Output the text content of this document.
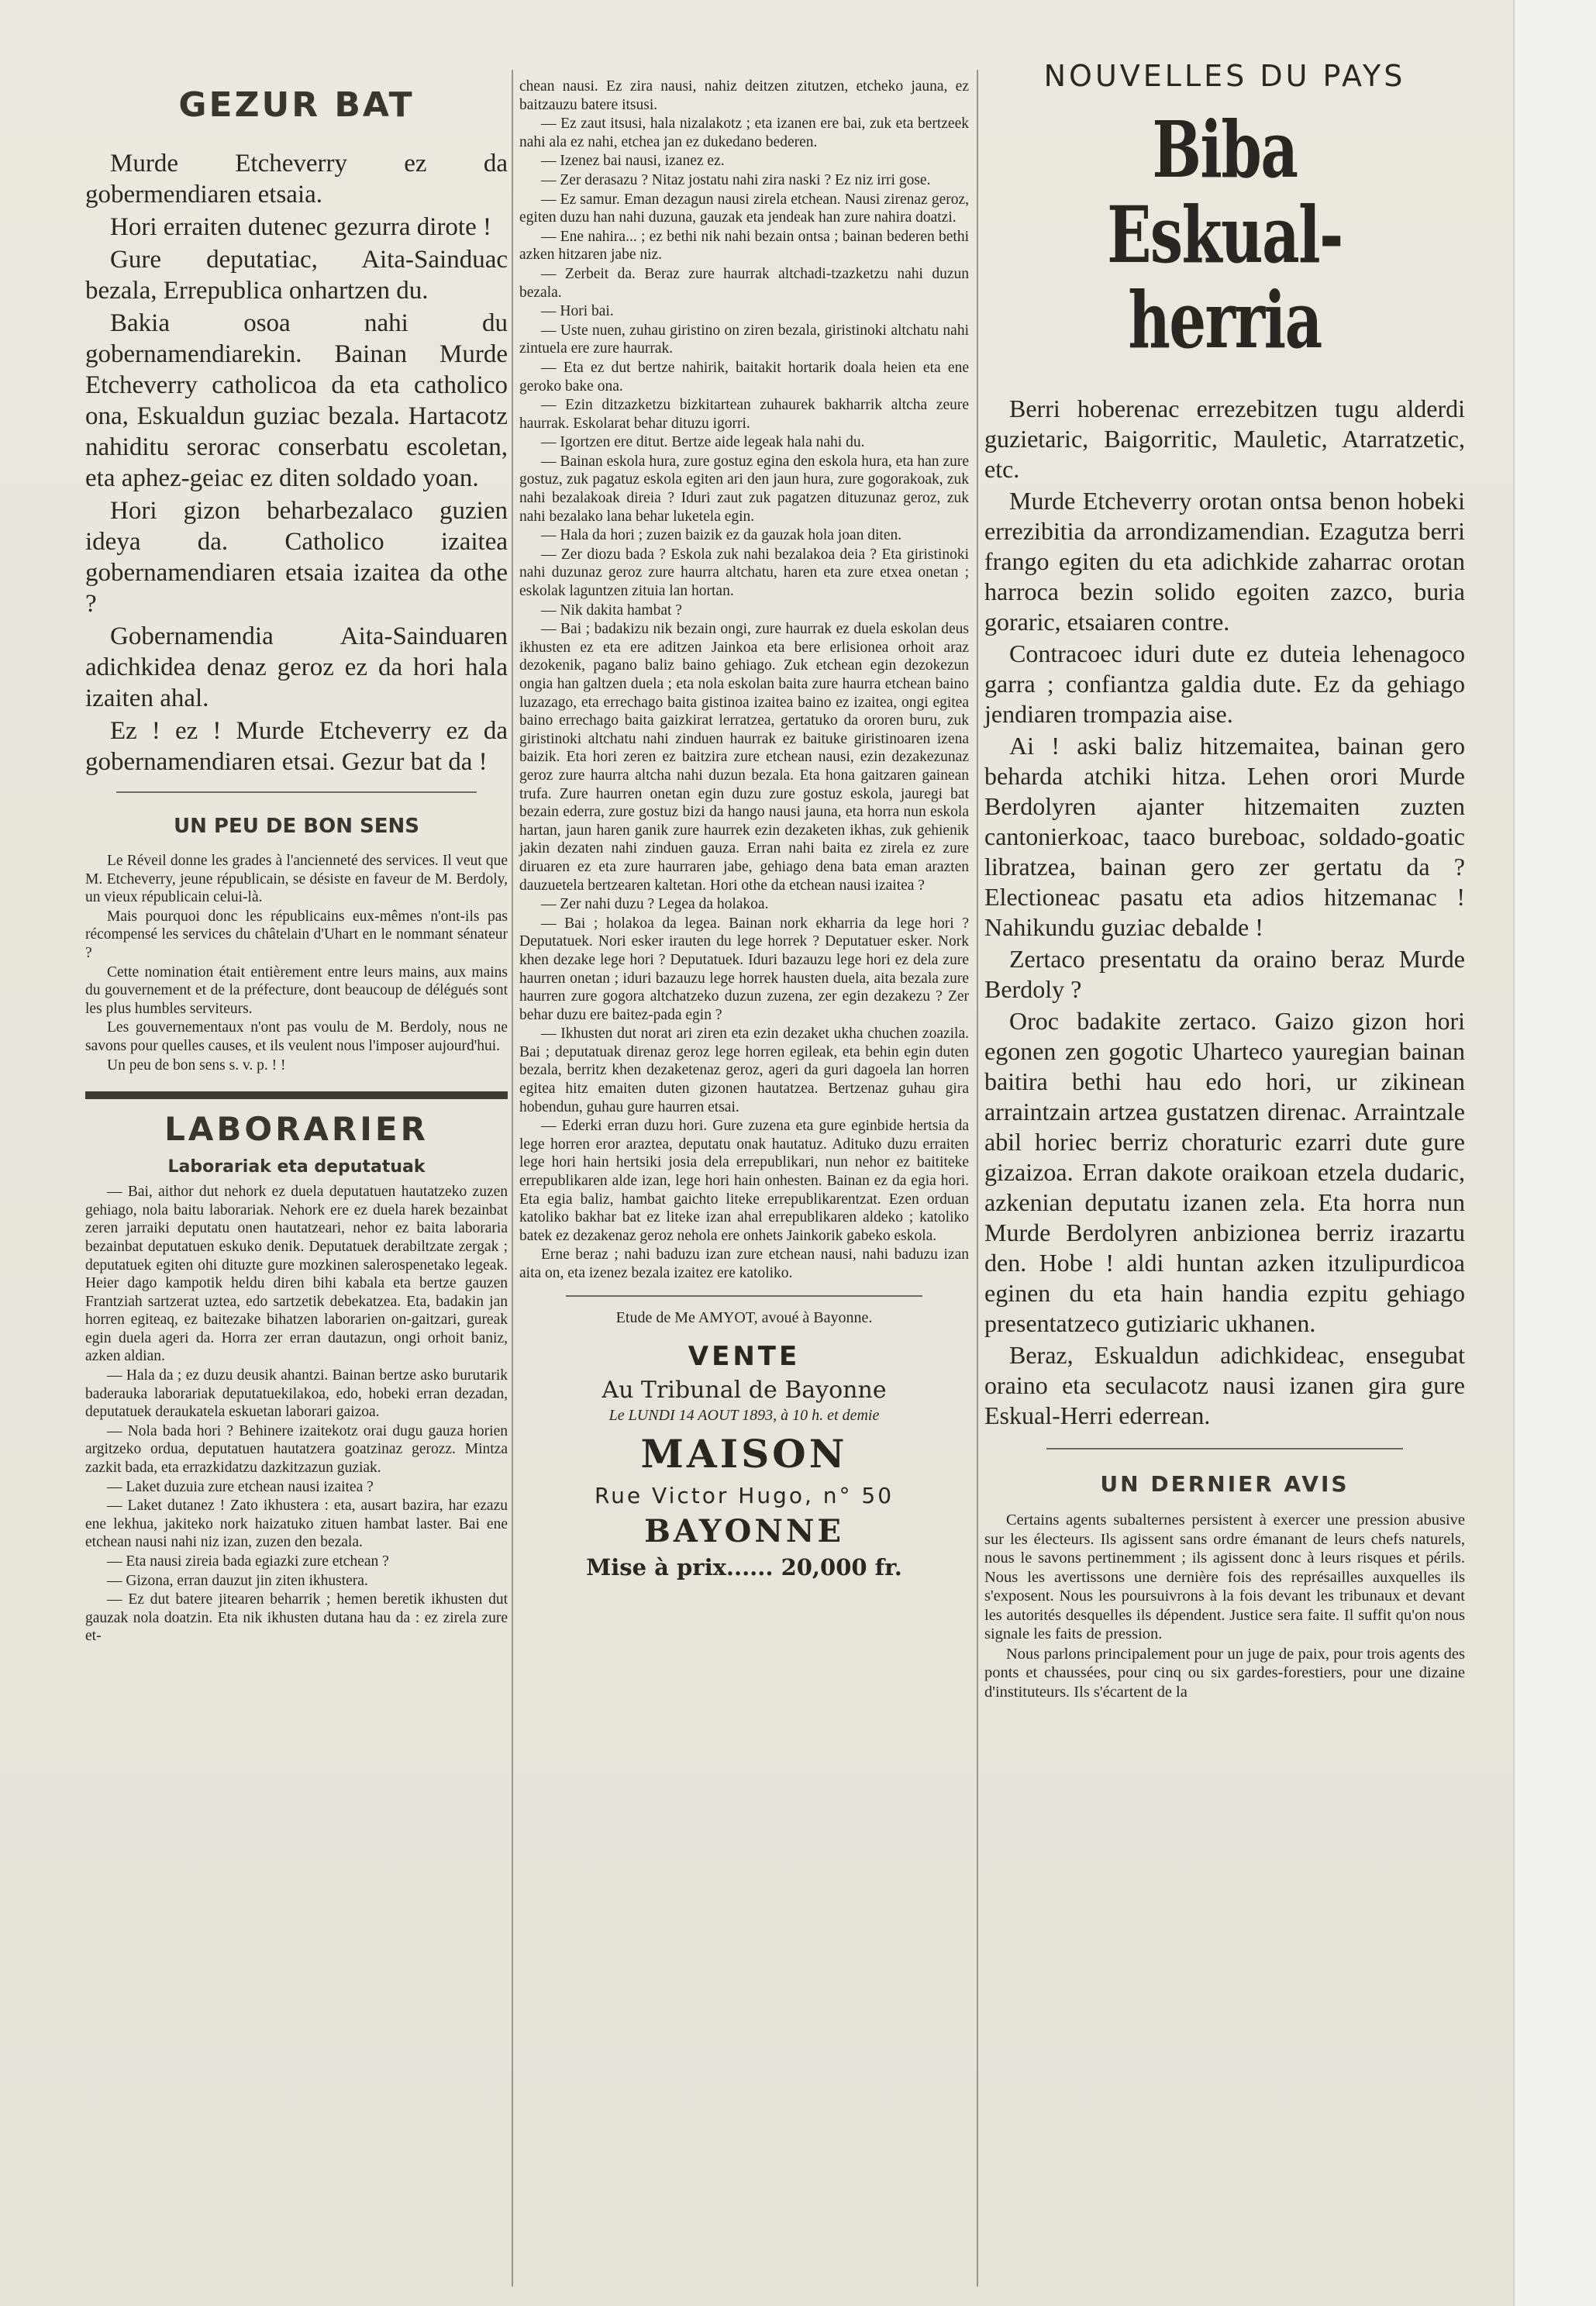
GEZUR BAT

Murde Etcheverry ez da gobermendiaren etsaia.

Hori erraiten dutenec gezurra dirote !

Gure deputatiac, Aita-Sainduac bezala, Errepublica onhartzen du.

Bakia osoa nahi du gobernamendiarekin. Bainan Murde Etcheverry catholicoa da eta catholico ona, Eskualdun guziac bezala. Hartacotz nahiditu serorac conserbatu escoletan, eta aphez-geiac ez diten soldado yoan.

Hori gizon beharbezalaco guzien ideya da. Catholico izaitea gobernamendiaren etsaia izaitea da othe ?

Gobernamendia Aita-Sainduaren adichkidea denaz geroz ez da hori hala izaiten ahal.

Ez ! ez ! Murde Etcheverry ez da gobernamendiaren etsai. Gezur bat da !

UN PEU DE BON SENS

Le Réveil donne les grades à l'ancienneté des services. Il veut que M. Etcheverry, jeune républicain, se désiste en faveur de M. Berdoly, un vieux républicain celui-là.

Mais pourquoi donc les républicains eux-mêmes n'ont-ils pas récompensé les services du châtelain d'Uhart en le nommant sénateur ?

Cette nomination était entièrement entre leurs mains, aux mains du gouvernement et de la préfecture, dont beaucoup de délégués sont les plus humbles serviteurs.

Les gouvernementaux n'ont pas voulu de M. Berdoly, nous ne savons pour quelles causes, et ils veulent nous l'imposer aujourd'hui.

Un peu de bon sens s. v. p. ! !

LABORARIER
Laborariak eta deputatuak

— Bai, aithor dut nehork ez duela deputatuen hautatzeko zuzen gehiago, nola baitu laborariak. Nehork ere ez duela harek bezainbat zeren jarraiki deputatu onen hautatzeari, nehor ez baita laboraria bezainbat deputatuen eskuko denik. Deputatuek derabiltzate zergak ; deputatuek egiten ohi dituzte gure mozkinen salerospenetako legeak. Heier dago kampotik heldu diren bihi kabala eta bertze gauzen Frantziah sartzerat uztea, edo sartzetik debekatzea. Eta, badakin jan horren egiteaq, ez baitezake bihatzen laborarien on-gaitzari, gureak egin duela ageri da. Horra zer erran dautazun, ongi orhoit baniz, azken aldian.

— Hala da ; ez duzu deusik ahantzi. Bainan bertze asko burutarik baderauka laborariak deputatuekilakoa, edo, hobeki erran dezadan, deputatuek deraukatela eskuetan laborari gaizoa.

— Nola bada hori ? Behinere izaitekotz orai dugu gauza horien argitzeko ordua, deputatuen hautatzera goatzinaz gerozz. Mintza zazkit bada, eta errazkidatzu dazkitzazun guziak.

— Laket duzuia zure etchean nausi izaitea ?

— Laket dutanez ! Zato ikhustera : eta, ausart bazira, har ezazu ene lekhua, jakiteko nork haizatuko zituen hambat laster. Bai ene etchean nausi nahi niz izan, zuzen den bezala.

— Eta nausi zireia bada egiazki zure etchean ?

— Gizona, erran dauzut jin ziten ikhustera.

— Ez dut batere jitearen beharrik ; hemen beretik ikhusten dut gauzak nola doatzin. Eta nik ikhusten dutana hau da : ez zirela zure et-

chean nausi. Ez zira nausi, nahiz deitzen zitutzen, etcheko jauna, ez baitzauzu batere itsusi.

— Ez zaut itsusi, hala nizalakotz ; eta izanen ere bai, zuk eta bertzeek nahi ala ez nahi, etchea jan ez dukedano bederen.

— Izenez bai nausi, izanez ez.

— Zer derasazu ? Nitaz jostatu nahi zira naski ? Ez niz irri gose.

— Ez samur. Eman dezagun nausi zirela etchean. Nausi zirenaz geroz, egiten duzu han nahi duzuna, gauzak eta jendeak han zure nahira doatzi.

— Ene nahira... ; ez bethi nik nahi bezain ontsa ; bainan bederen bethi azken hitzaren jabe niz.

— Zerbeit da. Beraz zure haurrak altchadi-tzazketzu nahi duzun bezala.

— Hori bai.

— Uste nuen, zuhau giristino on ziren bezala, giristinoki altchatu nahi zintuela ere zure haurrak.

— Eta ez dut bertze nahirik, baitakit hortarik doala heien eta ene geroko bake ona.

— Ezin ditzazketzu bizkitartean zuhaurek bakharrik altcha zeure haurrak. Eskolarat behar dituzu igorri.

— Igortzen ere ditut. Bertze aide legeak hala nahi du.

— Bainan eskola hura, zure gostuz egina den eskola hura, eta han zure gostuz, zuk pagatuz eskola egiten ari den jaun hura, zure gogorakoak, zuk nahi bezalakoak direia ? Iduri zaut zuk pagatzen dituzunaz geroz, zuk nahi bezalako lana behar luketela egin.

— Hala da hori ; zuzen baizik ez da gauzak hola joan diten.

— Zer diozu bada ? Eskola zuk nahi bezalakoa deia ? Eta giristinoki nahi duzunaz geroz zure haurra altchatu, haren eta zure etxea onetan ; eskolak laguntzen zituia lan hortan.

— Nik dakita hambat ?

— Bai ; badakizu nik bezain ongi, zure haurrak ez duela eskolan deus ikhusten ez eta ere aditzen Jainkoa eta bere erlisionea orhoit araz dezokenik, pagano baliz baino gehiago. Zuk etchean egin dezokezun ongia han galtzen duela ; eta nola eskolan baita zure haurra etchean baino luzazago, eta errechago baita gistinoa izaitea baino ez izaitea, ongi egitea baino errechago baita gaizkirat lerratzea, gertatuko da ororen buru, zuk giristinoki altchatu nahi zinduen haurrak ez baituke giristinoaren izena baizik. Eta hori zeren ez baitzira zure etchean nausi, ezin dezakezunaz geroz zure haurra altcha nahi duzun bezala. Eta hona gaitzaren gainean trufa. Zure haurren onetan egin duzu zure gostuz eskola, jauregi bat bezain ederra, zure gostuz bizi da hango nausi jauna, eta horra nun eskola hartan, jaun haren ganik zure haurrek ezin dezaketen ikhas, zuk gehienik jakin dezaten nahi zinduen gauza. Erran nahi baita ez zirela ez zure diruaren ez eta zure haurraren jabe, gehiago dena bata eman arazten dauzuetela bertzearen kaltetan. Hori othe da etchean nausi izaitea ?

— Zer nahi duzu ? Legea da holakoa.

— Bai ; holakoa da legea. Bainan nork ekharria da lege hori ? Deputatuek. Nori esker irauten du lege horrek ? Deputatuer esker. Nork khen dezake lege hori ? Deputatuek. Iduri bazauzu lege hori ez dela zure haurren onetan ; iduri bazauzu lege horrek hausten duela, aita bezala zure haurren zure gogora altchatzeko duzun zuzena, zer egin dezakezu ? Zer behar duzu ere baitez-pada egin ?

— Ikhusten dut norat ari ziren eta ezin dezaket ukha chuchen zoazila. Bai ; deputatuak direnaz geroz lege horren egileak, eta behin egin duten bezala, berritz khen dezaketenaz geroz, ageri da guri dagoela lan horren egitea hitz emaiten duten gizonen hautatzea. Bertzenaz guhau gira hobendun, guhau gure haurren etsai.

— Ederki erran duzu hori. Gure zuzena eta gure eginbide hertsia da lege horren eror araztea, deputatu onak hautatuz. Adituko duzu erraiten lege hori hain hertsiki josia dela errepublikari, nun nehor ez baititeke errepublikaren alde izan, lege hori hain onhesten. Bainan ez da egia hori. Eta egia baliz, hambat gaichto liteke errepublikarentzat. Ezen orduan katoliko bakhar bat ez liteke izan ahal errepublikaren aldeko ; katoliko batek ez dezakenaz geroz nehola ere onhets Jainkorik gabeko eskola.

Erne beraz ; nahi baduzu izan zure etchean nausi, nahi baduzu izan aita on, eta izenez bezala izaitez ere katoliko.

Etude de Me AMYOT, avoué à Bayonne.
VENTE
Au Tribunal de Bayonne
Le LUNDI 14 AOUT 1893, à 10 h. et demie
MAISON
Rue Victor Hugo, n° 50
BAYONNE
Mise à prix...... 20,000 fr.
NOUVELLES DU PAYS
Biba Eskual-herria

Berri hoberenac errezebitzen tugu alderdi guzietaric, Baigorritic, Mauletic, Atarratzetic, etc.

Murde Etcheverry orotan ontsa benon hobeki errezibitia da arrondizamendian. Ezagutza berri frango egiten du eta adichkide zaharrac orotan harroca bezin solido egoiten zazco, buria goraric, etsaiaren contre.

Contracoec iduri dute ez duteia lehenagoco garra ; confiantza galdia dute. Ez da gehiago jendiaren trompazia aise.

Ai ! aski baliz hitzemaitea, bainan gero beharda atchiki hitza. Lehen orori Murde Berdolyren ajanter hitzemaiten zuzten cantonierkoac, taaco bureboac, soldado-goatic libratzea, bainan gero zer gertatu da ? Electioneac pasatu eta adios hitzemanac ! Nahikundu guziac debalde !

Zertaco presentatu da oraino beraz Murde Berdoly ?

Oroc badakite zertaco. Gaizo gizon hori egonen zen gogotic Uharteco yauregian bainan baitira bethi hau edo hori, ur zikinean arraintzain artzea gustatzen direnac. Arraintzale abil horiec berriz choraturic ezarri dute gure gizaizoa. Erran dakote oraikoan etzela dudaric, azkenian deputatu izanen zela. Eta horra nun Murde Berdolyren anbizionea berriz irazartu den. Hobe ! aldi huntan azken itzulipurdicoa eginen du eta hain handia ezpitu gehiago presentatzeco gutiziaric ukhanen.

Beraz, Eskualdun adichkideac, ensegubat oraino eta seculacotz nausi izanen gira gure Eskual-Herri ederrean.

UN DERNIER AVIS

Certains agents subalternes persistent à exercer une pression abusive sur les électeurs. Ils agissent sans ordre émanant de leurs chefs naturels, nous le savons pertinemment ; ils agissent donc à leurs risques et périls. Nous les avertissons une dernière fois des représailles auxquelles ils s'exposent. Nous les poursuivrons à la fois devant les tribunaux et devant les autorités desquelles ils dépendent. Justice sera faite. Il suffit qu'on nous signale les faits de pression.

Nous parlons principalement pour un juge de paix, pour trois agents des ponts et chaussées, pour cinq ou six gardes-forestiers, pour une dizaine d'instituteurs. Ils s'écartent de la
